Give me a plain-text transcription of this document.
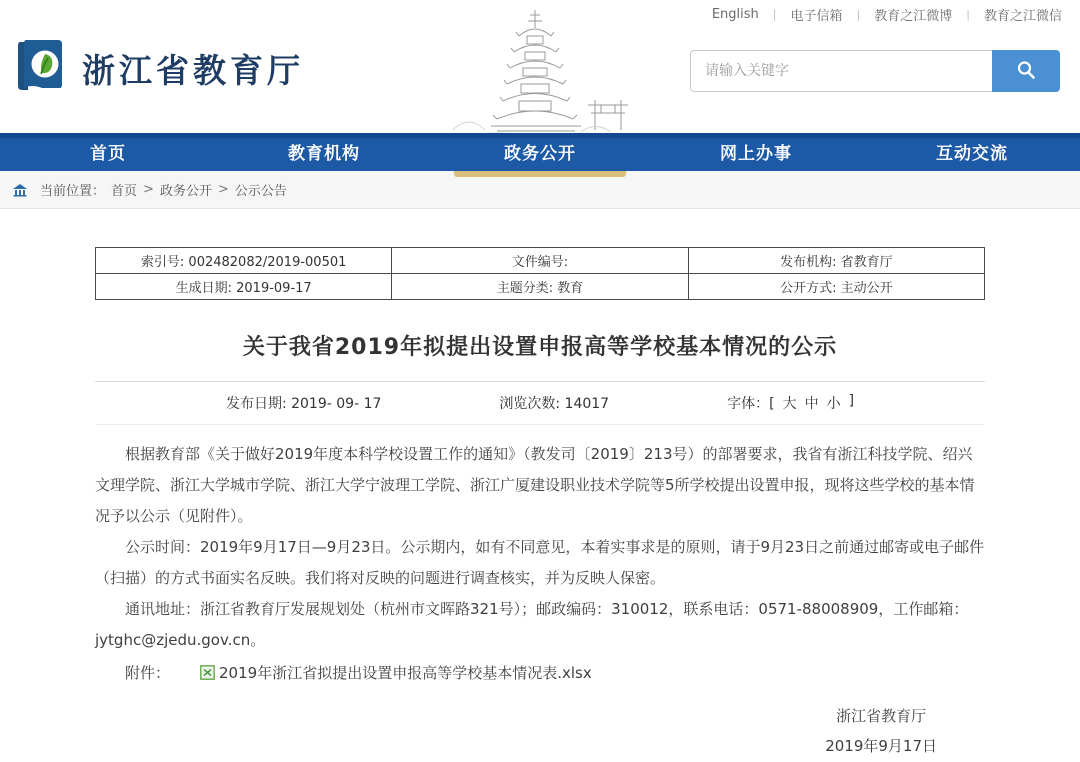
English | 电子信箱 | 教育之江微博 | 教育之江微信
浙江省教育厅
请输入关键字
首页	教育机构	政务公开	网上办事	互动交流
当前位置： 首页 > 政务公开 > 公示公告
索引号: 002482082/2019-00501	文件编号:	发布机构: 省教育厅
生成日期: 2019-09-17	主题分类: 教育	公开方式: 主动公开
关于我省2019年拟提出设置申报高等学校基本情况的公示
发布日期: 2019- 09- 17	浏览次数: 14017	字体：[ 大 中 小 ]

根据教育部《关于做好2019年度本科学校设置工作的通知》（教发司〔2019〕213号）的部署要求，我省有浙江科技学院、绍兴文理学院、浙江大学城市学院、浙江大学宁波理工学院、浙江广厦建设职业技术学院等5所学校提出设置申报，现将这些学校的基本情况予以公示（见附件）。

公示时间：2019年9月17日—9月23日。公示期内，如有不同意见，本着实事求是的原则，请于9月23日之前通过邮寄或电子邮件（扫描）的方式书面实名反映。我们将对反映的问题进行调查核实，并为反映人保密。

通讯地址：浙江省教育厅发展规划处（杭州市文晖路321号）；邮政编码：310012，联系电话：0571-88008909，工作邮箱：jytghc@zjedu.gov.cn。

附件：	2019年浙江省拟提出设置申报高等学校基本情况表.xlsx
浙江省教育厅
2019年9月17日
